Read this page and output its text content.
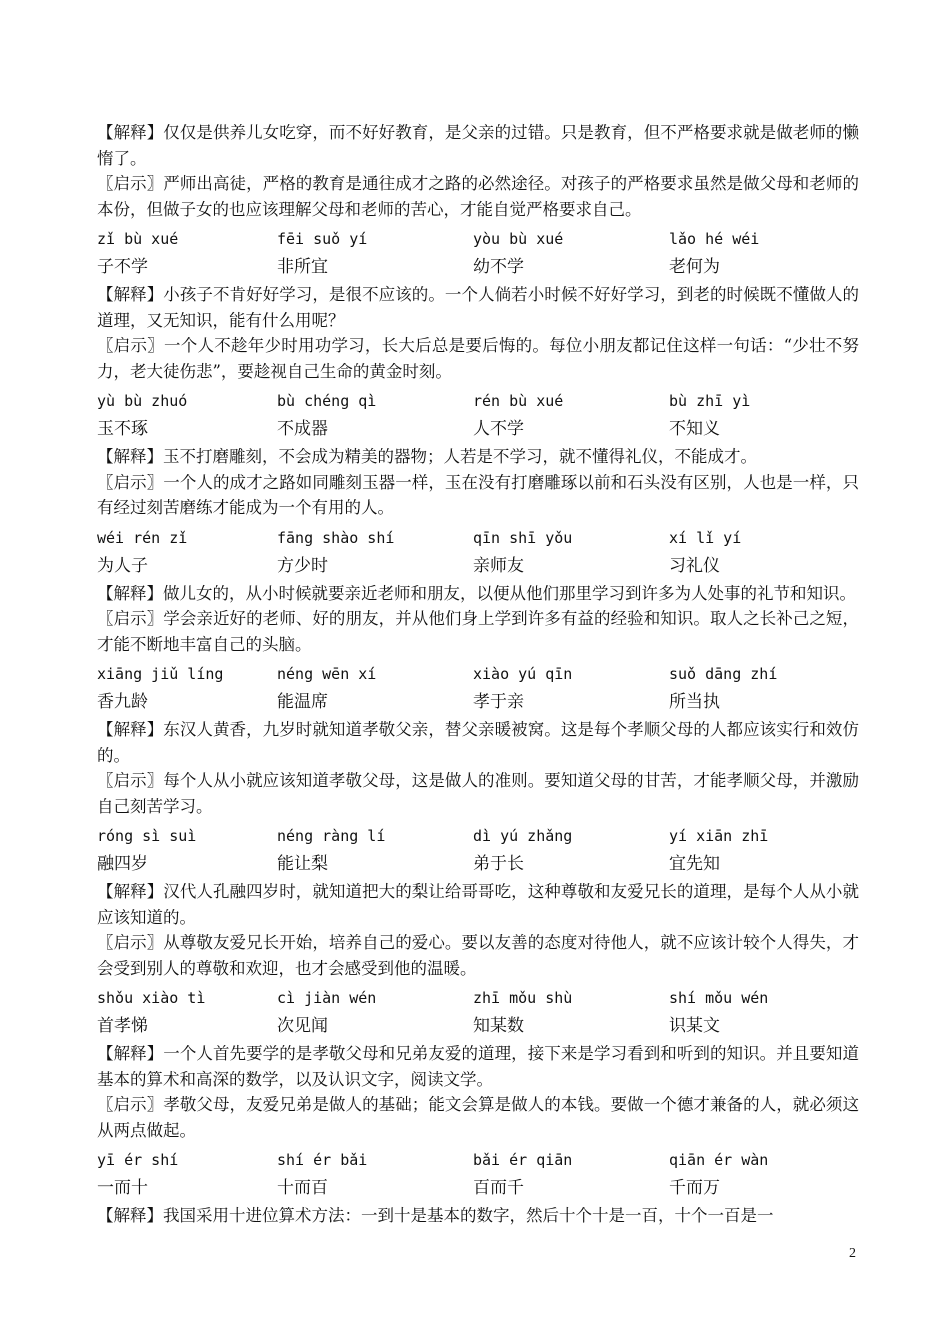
【解释】仅仅是供养儿女吃穿，而不好好教育，是父亲的过错。只是教育，但不严格要求就是做老师的懒惰了。

〖启示〗严师出高徒，严格的教育是通往成才之路的必然途径。对孩子的严格要求虽然是做父母和老师的本份，但做子女的也应该理解父母和老师的苦心，才能自觉严格要求自己。

zǐ bù xué	fēi suǒ yí	yòu bù xué	lǎo hé wéi
子不学	非所宜	幼不学	老何为

【解释】小孩子不肯好好学习，是很不应该的。一个人倘若小时候不好好学习，到老的时候既不懂做人的道理，又无知识，能有什么用呢？

〖启示〗一个人不趁年少时用功学习，长大后总是要后悔的。每位小朋友都记住这样一句话：“少壮不努力，老大徒伤悲”，要趁视自己生命的黄金时刻。

yù bù zhuó	bù chéng qì	rén bù xué	bù zhī yì
玉不琢	不成器	人不学	不知义

【解释】玉不打磨雕刻，不会成为精美的器物；人若是不学习，就不懂得礼仪，不能成才。

〖启示〗一个人的成才之路如同雕刻玉器一样，玉在没有打磨雕琢以前和石头没有区别，人也是一样，只有经过刻苦磨练才能成为一个有用的人。

wéi rén zǐ	fāng shào shí	qīn shī yǒu	xí lǐ yí
为人子	方少时	亲师友	习礼仪

【解释】做儿女的，从小时候就要亲近老师和朋友，以便从他们那里学习到许多为人处事的礼节和知识。

〖启示〗学会亲近好的老师、好的朋友，并从他们身上学到许多有益的经验和知识。取人之长补己之短，才能不断地丰富自己的头脑。

xiāng jiǔ líng	néng wēn xí	xiào yú qīn	suǒ dāng zhí
香九龄	能温席	孝于亲	所当执

【解释】东汉人黄香，九岁时就知道孝敬父亲，替父亲暖被窝。这是每个孝顺父母的人都应该实行和效仿的。

〖启示〗每个人从小就应该知道孝敬父母，这是做人的准则。要知道父母的甘苦，才能孝顺父母，并激励自己刻苦学习。

róng sì suì	néng ràng lí	dì yú zhǎng	yí xiān zhī
融四岁	能让梨	弟于长	宜先知

【解释】汉代人孔融四岁时，就知道把大的梨让给哥哥吃，这种尊敬和友爱兄长的道理，是每个人从小就应该知道的。

〖启示〗从尊敬友爱兄长开始，培养自己的爱心。要以友善的态度对待他人，就不应该计较个人得失，才会受到别人的尊敬和欢迎，也才会感受到他的温暖。

shǒu xiào tì	cì jiàn wén	zhī mǒu shù	shí mǒu wén
首孝悌	次见闻	知某数	识某文

【解释】一个人首先要学的是孝敬父母和兄弟友爱的道理，接下来是学习看到和听到的知识。并且要知道基本的算术和高深的数学，以及认识文字，阅读文学。

〖启示〗孝敬父母，友爱兄弟是做人的基础；能文会算是做人的本钱。要做一个德才兼备的人，就必须这从两点做起。

yī ér shí	shí ér bǎi	bǎi ér qiān	qiān ér wàn
一而十	十而百	百而千	千而万

【解释】我国采用十进位算术方法：一到十是基本的数字，然后十个十是一百，十个一百是一

2
